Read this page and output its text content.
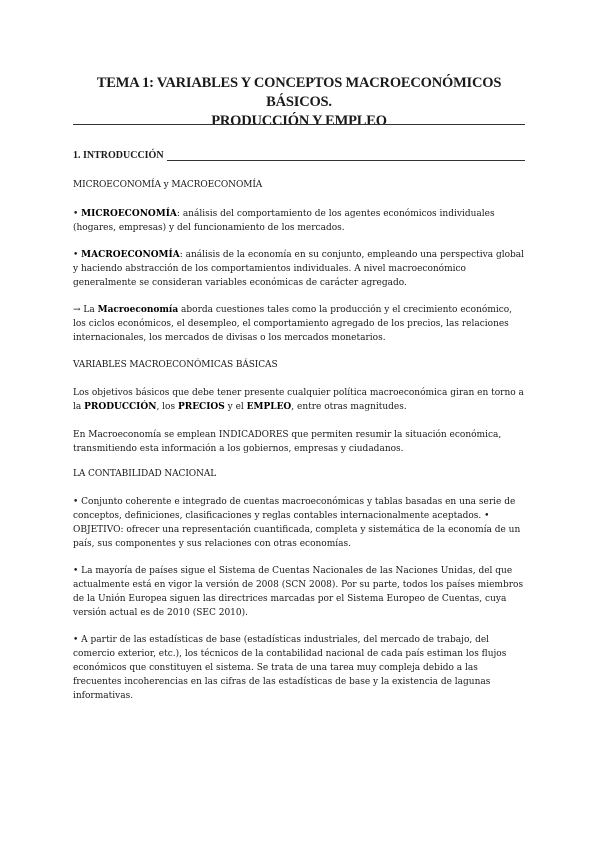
TEMA 1: VARIABLES Y CONCEPTOS MACROECONÓMICOS BÁSICOS.
PRODUCCIÓN Y EMPLEO
1. INTRODUCCIÓN
MICROECONOMÍA y MACROECONOMÍA
• MICROECONOMÍA: análisis del comportamiento de los agentes económicos individuales (hogares, empresas) y del funcionamiento de los mercados.
• MACROECONOMÍA: análisis de la economía en su conjunto, empleando una perspectiva global y haciendo abstracción de los comportamientos individuales. A nivel macroeconómico generalmente se consideran variables económicas de carácter agregado.
→ La Macroeconomía aborda cuestiones tales como la producción y el crecimiento económico, los ciclos económicos, el desempleo, el comportamiento agregado de los precios, las relaciones internacionales, los mercados de divisas o los mercados monetarios.
VARIABLES MACROECONÓMICAS BÁSICAS
Los objetivos básicos que debe tener presente cualquier política macroeconómica giran en torno a la PRODUCCIÓN, los PRECIOS y el EMPLEO, entre otras magnitudes.
En Macroeconomía se emplean INDICADORES que permiten resumir la situación económica, transmitiendo esta información a los gobiernos, empresas y ciudadanos.
LA CONTABILIDAD NACIONAL
• Conjunto coherente e integrado de cuentas macroeconómicas y tablas basadas en una serie de conceptos, definiciones, clasificaciones y reglas contables internacionalmente aceptados. • OBJETIVO: ofrecer una representación cuantificada, completa y sistemática de la economía de un país, sus componentes y sus relaciones con otras economías.
• La mayoría de países sigue el Sistema de Cuentas Nacionales de las Naciones Unidas, del que actualmente está en vigor la versión de 2008 (SCN 2008). Por su parte, todos los países miembros de la Unión Europea siguen las directrices marcadas por el Sistema Europeo de Cuentas, cuya versión actual es de 2010 (SEC 2010).
• A partir de las estadísticas de base (estadísticas industriales, del mercado de trabajo, del comercio exterior, etc.), los técnicos de la contabilidad nacional de cada país estiman los flujos económicos que constituyen el sistema. Se trata de una tarea muy compleja debido a las frecuentes incoherencias en las cifras de las estadísticas de base y la existencia de lagunas informativas.
